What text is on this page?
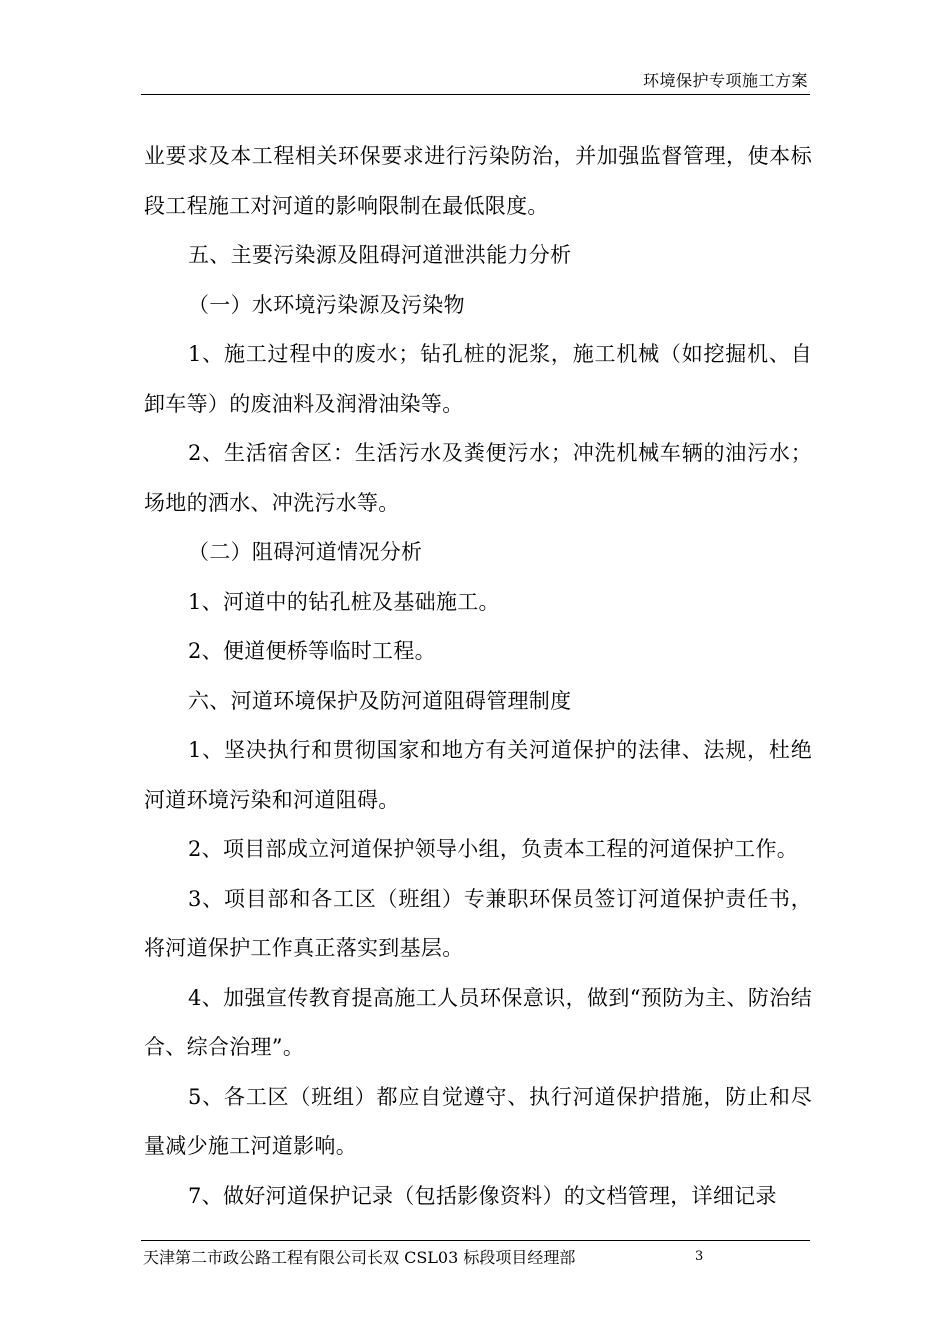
环境保护专项施工方案

业要求及本工程相关环保要求进行污染防治，并加强监督管理，使本标段工程施工对河道的影响限制在最低限度。

五、主要污染源及阻碍河道泄洪能力分析

（一）水环境污染源及污染物

1、施工过程中的废水；钻孔桩的泥浆，施工机械（如挖掘机、自卸车等）的废油料及润滑油染等。

2、生活宿舍区：生活污水及粪便污水；冲洗机械车辆的油污水；场地的洒水、冲洗污水等。

（二）阻碍河道情况分析

1、河道中的钻孔桩及基础施工。

2、便道便桥等临时工程。

六、河道环境保护及防河道阻碍管理制度

1、坚决执行和贯彻国家和地方有关河道保护的法律、法规，杜绝河道环境污染和河道阻碍。

2、项目部成立河道保护领导小组，负责本工程的河道保护工作。

3、项目部和各工区（班组）专兼职环保员签订河道保护责任书，将河道保护工作真正落实到基层。

4、加强宣传教育提高施工人员环保意识，做到“预防为主、防治结合、综合治理”。

5、各工区（班组）都应自觉遵守、执行河道保护措施，防止和尽量减少施工河道影响。

7、做好河道保护记录（包括影像资料）的文档管理，详细记录

天津第二市政公路工程有限公司长双 CSL03 标段项目经理部	3
